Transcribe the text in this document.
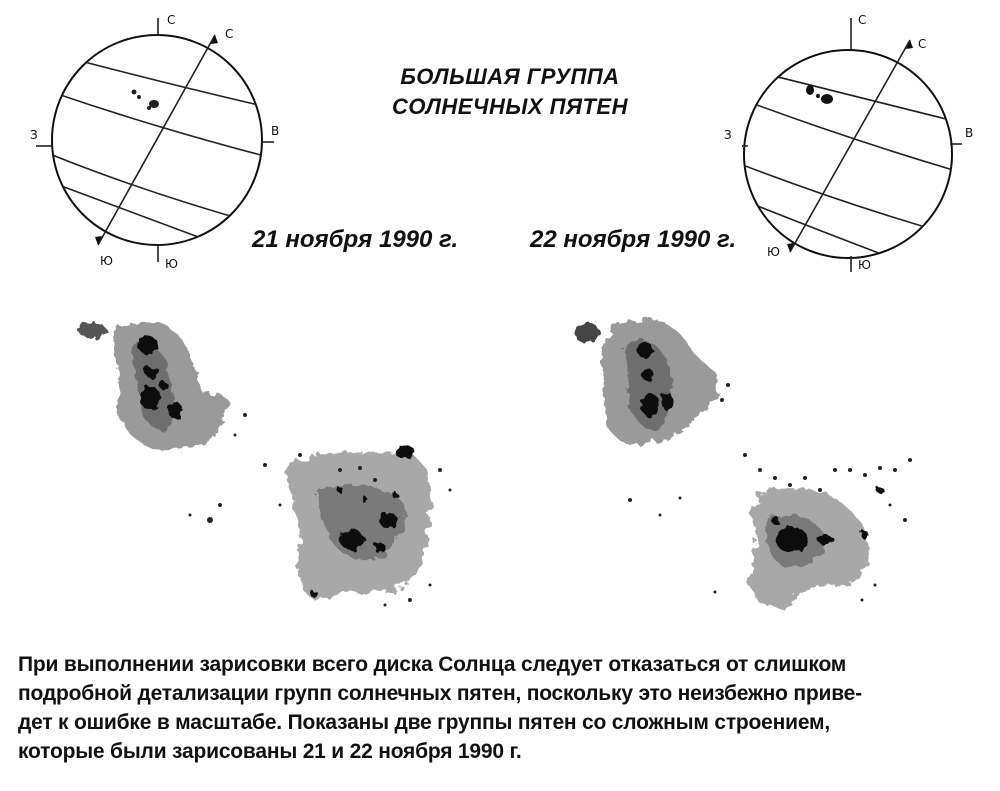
С
С
З	В
Ю	Ю
С
С
З	В
Ю
Ю
БОЛЬШАЯ ГРУППА
СОЛНЕЧНЫХ ПЯТЕН
21 ноября 1990 г.	22 ноября 1990 г.
При выполнении зарисовки всего диска Солнца следует отказаться от слишком
подробной детализации групп солнечных пятен, поскольку это неизбежно приве-
дет к ошибке в масштабе. Показаны две группы пятен со сложным строением,
которые были зарисованы 21 и 22 ноября 1990 г.
